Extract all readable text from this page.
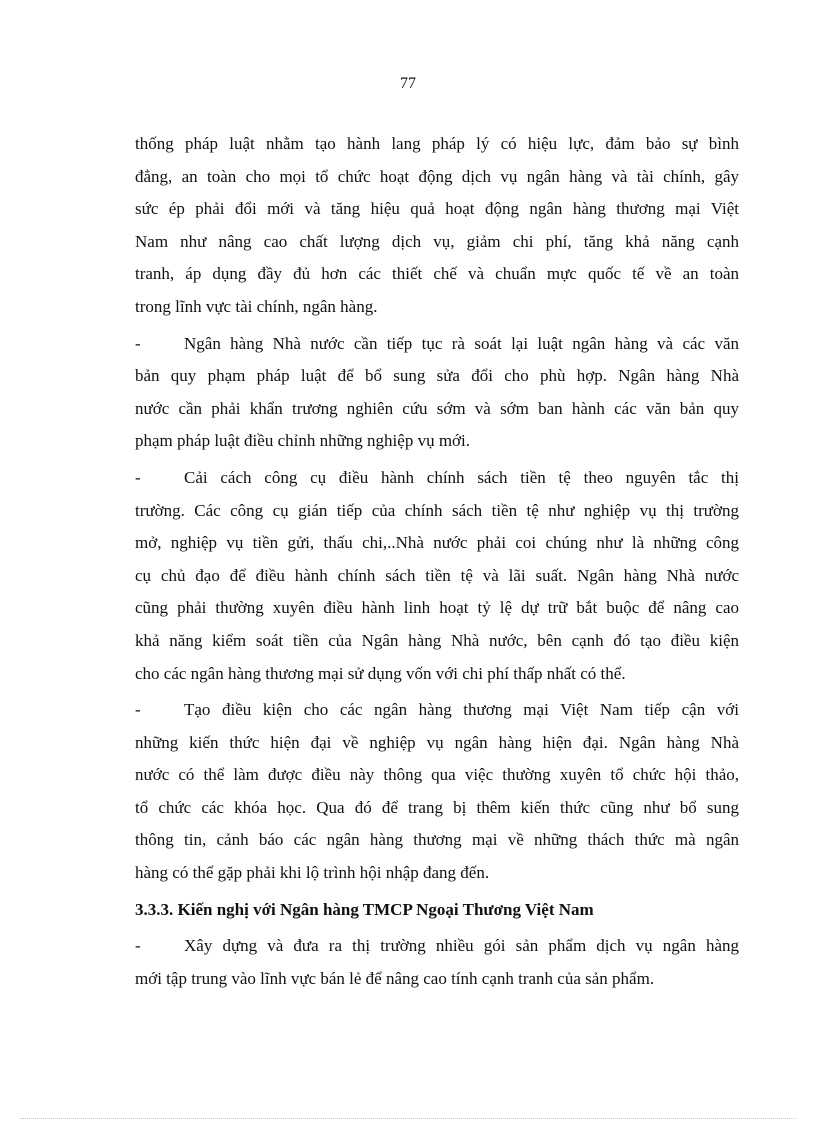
77
thống pháp luật nhằm tạo hành lang pháp lý có hiệu lực, đảm bảo sự bình
đẳng, an toàn cho mọi tổ chức hoạt động dịch vụ ngân hàng và tài chính, gây
sức ép phải đổi mới và tăng hiệu quả hoạt động ngân hàng thương mại Việt
Nam như nâng cao chất lượng dịch vụ, giảm chi phí, tăng khả năng cạnh
tranh, áp dụng đầy đủ hơn các thiết chế và chuẩn mực quốc tế về an toàn
trong lĩnh vực tài chính, ngân hàng.
-	Ngân hàng Nhà nước cần tiếp tục rà soát lại luật ngân hàng và các văn
bản quy phạm pháp luật để bổ sung sửa đổi cho phù hợp. Ngân hàng Nhà
nước cần phải khẩn trương nghiên cứu sớm và sớm ban hành các văn bản quy
phạm pháp luật điều chỉnh những nghiệp vụ mới.
-	Cải cách công cụ điều hành chính sách tiền tệ theo nguyên tắc thị
trường. Các công cụ gián tiếp của chính sách tiền tệ như nghiệp vụ thị trường
mở, nghiệp vụ tiền gửi, thấu chi,..Nhà nước phải coi chúng như là những công
cụ chủ đạo để điều hành chính sách tiền tệ và lãi suất. Ngân hàng Nhà nước
cũng phải thường xuyên điều hành linh hoạt tỷ lệ dự trữ bắt buộc để nâng cao
khả năng kiểm soát tiền của Ngân hàng Nhà nước, bên cạnh đó tạo điều kiện
cho các ngân hàng thương mại sử dụng vốn với chi phí thấp nhất có thể.
-	Tạo điều kiện cho các ngân hàng thương mại Việt Nam tiếp cận với
những kiến thức hiện đại về nghiệp vụ ngân hàng hiện đại. Ngân hàng Nhà
nước có thể làm được điều này thông qua việc thường xuyên tổ chức hội thảo,
tổ chức các khóa học. Qua đó để trang bị thêm kiến thức cũng như bổ sung
thông tin, cảnh báo các ngân hàng thương mại về những thách thức mà ngân
hàng có thể gặp phải khi lộ trình hội nhập đang đến.
3.3.3. Kiến nghị với Ngân hàng TMCP Ngoại Thương Việt Nam
-	Xây dựng và đưa ra thị trường nhiều gói sản phẩm dịch vụ ngân hàng
mới tập trung vào lĩnh vực bán lẻ để nâng cao tính cạnh tranh của sản phẩm.
